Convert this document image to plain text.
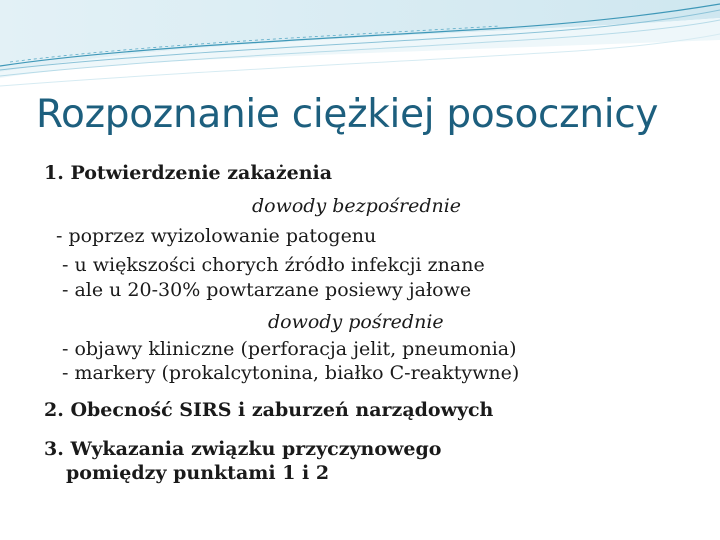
Rozpoznanie ciężkiej posocznicy
1. Potwierdzenie zakażenia
dowody bezpośrednie
- poprzez wyizolowanie patogenu
- u większości chorych źródło infekcji znane
- ale u 20-30% powtarzane posiewy jałowe
dowody pośrednie
- objawy kliniczne (perforacja jelit, pneumonia)
- markery (prokalcytonina, białko C-reaktywne)
2. Obecność SIRS i zaburzeń narządowych
3. Wykazania związku przyczynowego
pomiędzy punktami 1 i 2
